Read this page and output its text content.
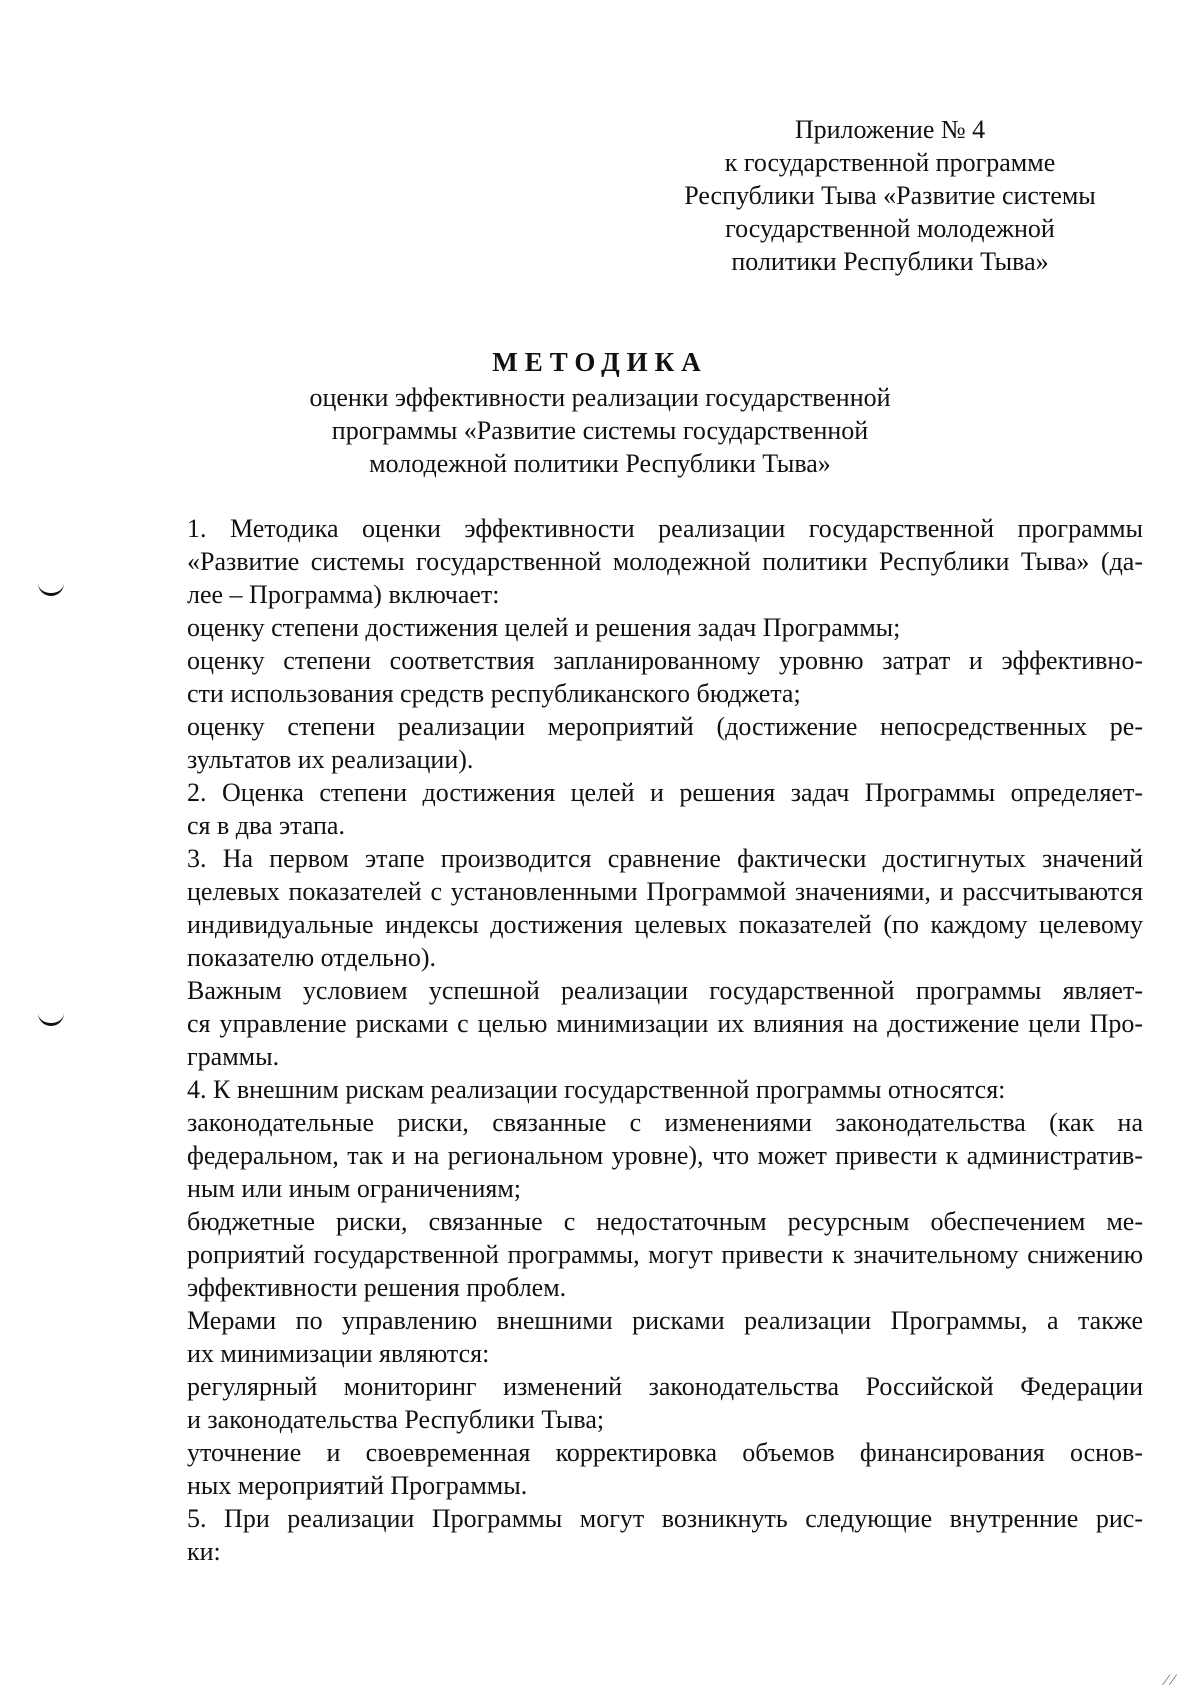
Приложение № 4
к государственной программе
Республики Тыва «Развитие системы
государственной молодежной
политики Республики Тыва»
МЕТОДИКА
оценки эффективности реализации государственной
программы «Развитие системы государственной
молодежной политики Республики Тыва»

1. Методика оценки эффективности реализации государственной программы
«Развитие системы государственной молодежной политики Республики Тыва» (да-
лее – Программа) включает:

оценку степени достижения целей и решения задач Программы;

оценку степени соответствия запланированному уровню затрат и эффективно-
сти использования средств республиканского бюджета;

оценку степени реализации мероприятий (достижение непосредственных ре-
зультатов их реализации).

2. Оценка степени достижения целей и решения задач Программы определяет-
ся в два этапа.

3. На первом этапе производится сравнение фактически достигнутых значений
целевых показателей с установленными Программой значениями, и рассчитываются
индивидуальные индексы достижения целевых показателей (по каждому целевому
показателю отдельно).

Важным условием успешной реализации государственной программы являет-
ся управление рисками с целью минимизации их влияния на достижение цели Про-
граммы.

4. К внешним рискам реализации государственной программы относятся:

законодательные риски, связанные с изменениями законодательства (как на
федеральном, так и на региональном уровне), что может привести к административ-
ным или иным ограничениям;

бюджетные риски, связанные с недостаточным ресурсным обеспечением ме-
роприятий государственной программы, могут привести к значительному снижению
эффективности решения проблем.

Мерами по управлению внешними рисками реализации Программы, а также
их минимизации являются:

регулярный мониторинг изменений законодательства Российской Федерации
и законодательства Республики Тыва;

уточнение и своевременная корректировка объемов финансирования основ-
ных мероприятий Программы.

5. При реализации Программы могут возникнуть следующие внутренние рис-
ки:

⁄ ⁄
